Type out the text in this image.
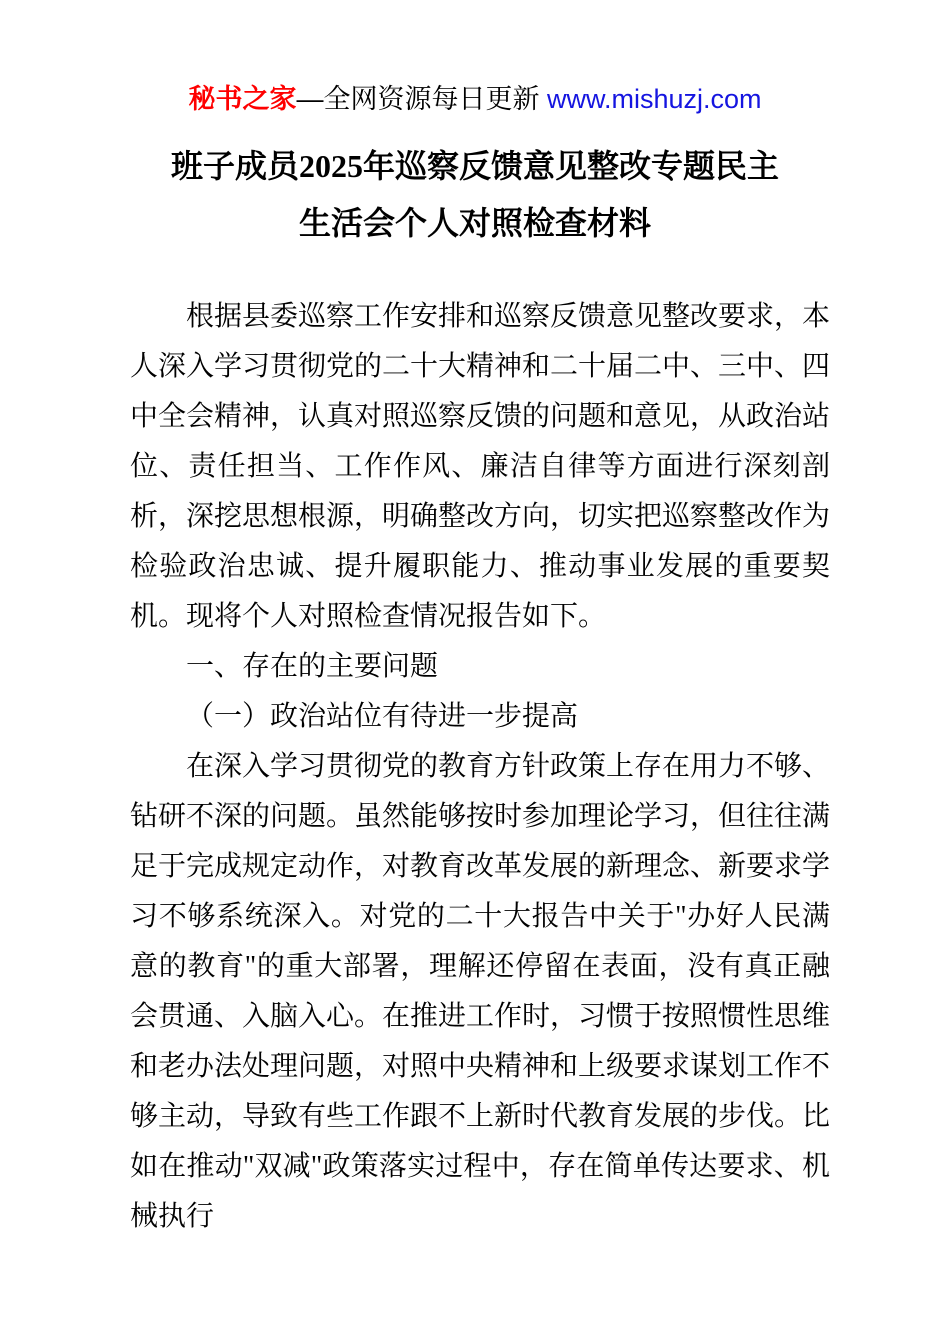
秘书之家—全网资源每日更新 www.mishuzj.com
班子成员2025年巡察反馈意见整改专题民主生活会个人对照检查材料

根据县委巡察工作安排和巡察反馈意见整改要求，本人深入学习贯彻党的二十大精神和二十届二中、三中、四中全会精神，认真对照巡察反馈的问题和意见，从政治站位、责任担当、工作作风、廉洁自律等方面进行深刻剖析，深挖思想根源，明确整改方向，切实把巡察整改作为检验政治忠诚、提升履职能力、推动事业发展的重要契机。现将个人对照检查情况报告如下。

一、存在的主要问题

（一）政治站位有待进一步提高

在深入学习贯彻党的教育方针政策上存在用力不够、钻研不深的问题。虽然能够按时参加理论学习，但往往满足于完成规定动作，对教育改革发展的新理念、新要求学习不够系统深入。对党的二十大报告中关于"办好人民满意的教育"的重大部署，理解还停留在表面，没有真正融会贯通、入脑入心。在推进工作时，习惯于按照惯性思维和老办法处理问题，对照中央精神和上级要求谋划工作不够主动，导致有些工作跟不上新时代教育发展的步伐。比如在推动"双减"政策落实过程中，存在简单传达要求、机械执行
